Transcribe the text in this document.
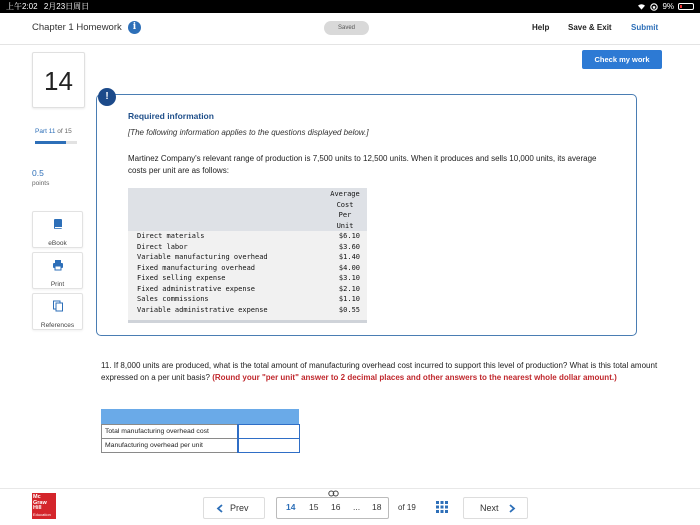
上午2:02 2月23日周日	9%
Chapter 1 Homework	i	Saved	Help Save & Exit Submit
Check my work
14
Part 11 of 15
0.5
points
eBook
Print
References
!
Required information
[The following information applies to the questions displayed below.]
Martinez Company's relevant range of production is 7,500 units to 12,500 units. When it produces and sells 10,000 units, its average costs per unit are as follows:
Average
Cost
Per
Unit
Direct materials	$6.10
Direct labor	$3.60
Variable manufacturing overhead	$1.40
Fixed manufacturing overhead	$4.00
Fixed selling expense	$3.10
Fixed administrative expense	$2.10
Sales commissions	$1.10
Variable administrative expense	$0.55
11. If 8,000 units are produced, what is the total amount of manufacturing overhead cost incurred to support this level of production? What is this total amount expressed on a per unit basis? (Round your "per unit" answer to 2 decimal places and other answers to the nearest whole dollar amount.)
Total manufacturing overhead cost
Manufacturing overhead per unit
Mc
Graw
Hill
Education
Prev	14 15 16 ... 18 of 19	Next
